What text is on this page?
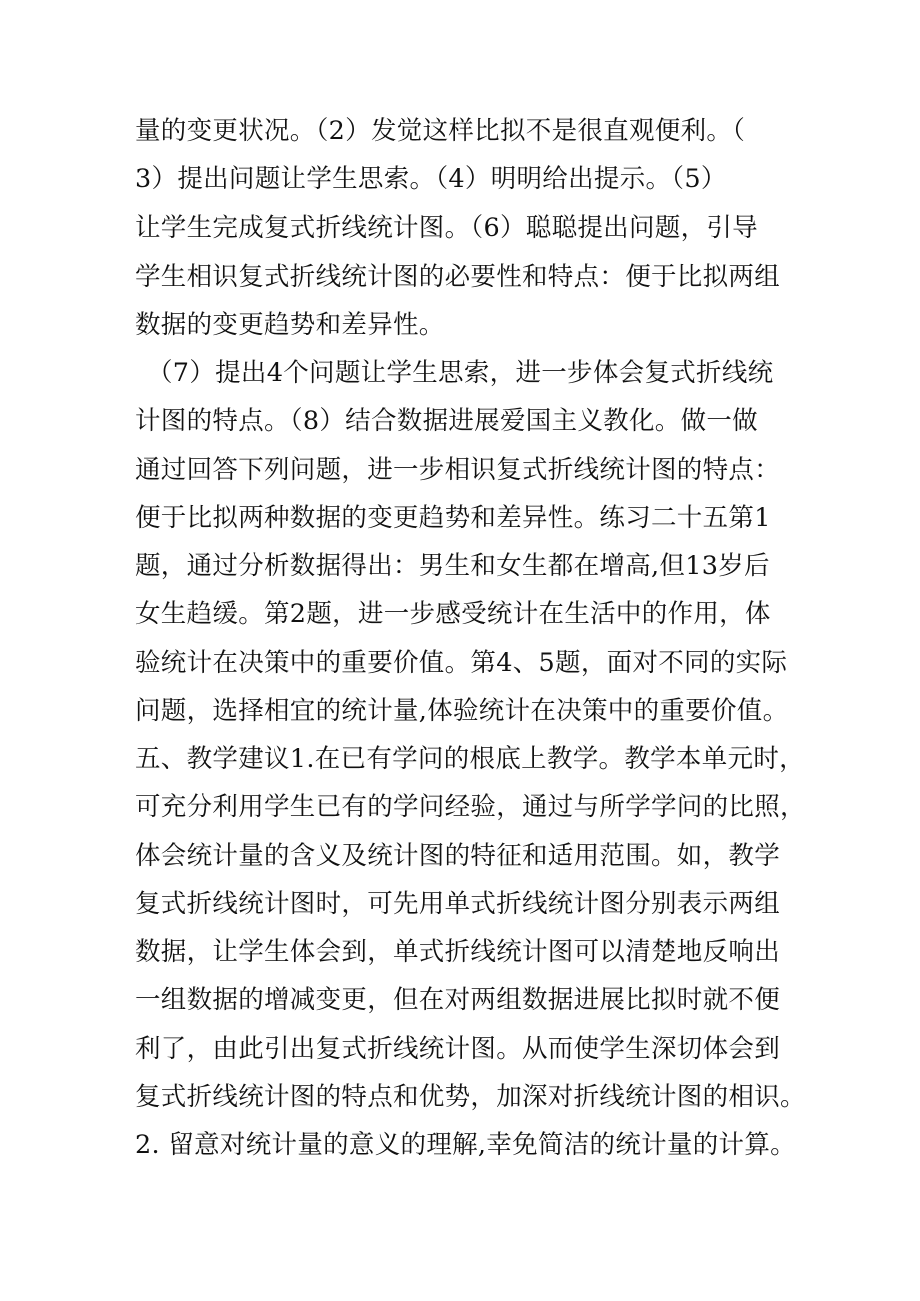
量的变更状况。（2）发觉这样比拟不是很直观便利。（
3）提出问题让学生思索。（4）明明给出提示。（5）
让学生完成复式折线统计图。（6）聪聪提出问题，引导
学生相识复式折线统计图的必要性和特点：便于比拟两组
数据的变更趋势和差异性。
（7）提出4个问题让学生思索，进一步体会复式折线统
计图的特点。（8）结合数据进展爱国主义教化。做一做
通过回答下列问题，进一步相识复式折线统计图的特点：
便于比拟两种数据的变更趋势和差异性。练习二十五第1
题，通过分析数据得出：男生和女生都在增高,但13岁后
女生趋缓。第2题，进一步感受统计在生活中的作用，体
验统计在决策中的重要价值。第4、5题，面对不同的实际
问题，选择相宜的统计量,体验统计在决策中的重要价值。
五、教学建议1.在已有学问的根底上教学。教学本单元时，
可充分利用学生已有的学问经验，通过与所学学问的比照，
体会统计量的含义及统计图的特征和适用范围。如，教学
复式折线统计图时，可先用单式折线统计图分别表示两组
数据，让学生体会到，单式折线统计图可以清楚地反响出
一组数据的增减变更，但在对两组数据进展比拟时就不便
利了，由此引出复式折线统计图。从而使学生深切体会到
复式折线统计图的特点和优势，加深对折线统计图的相识。
2. 留意对统计量的意义的理解,幸免简洁的统计量的计算。
